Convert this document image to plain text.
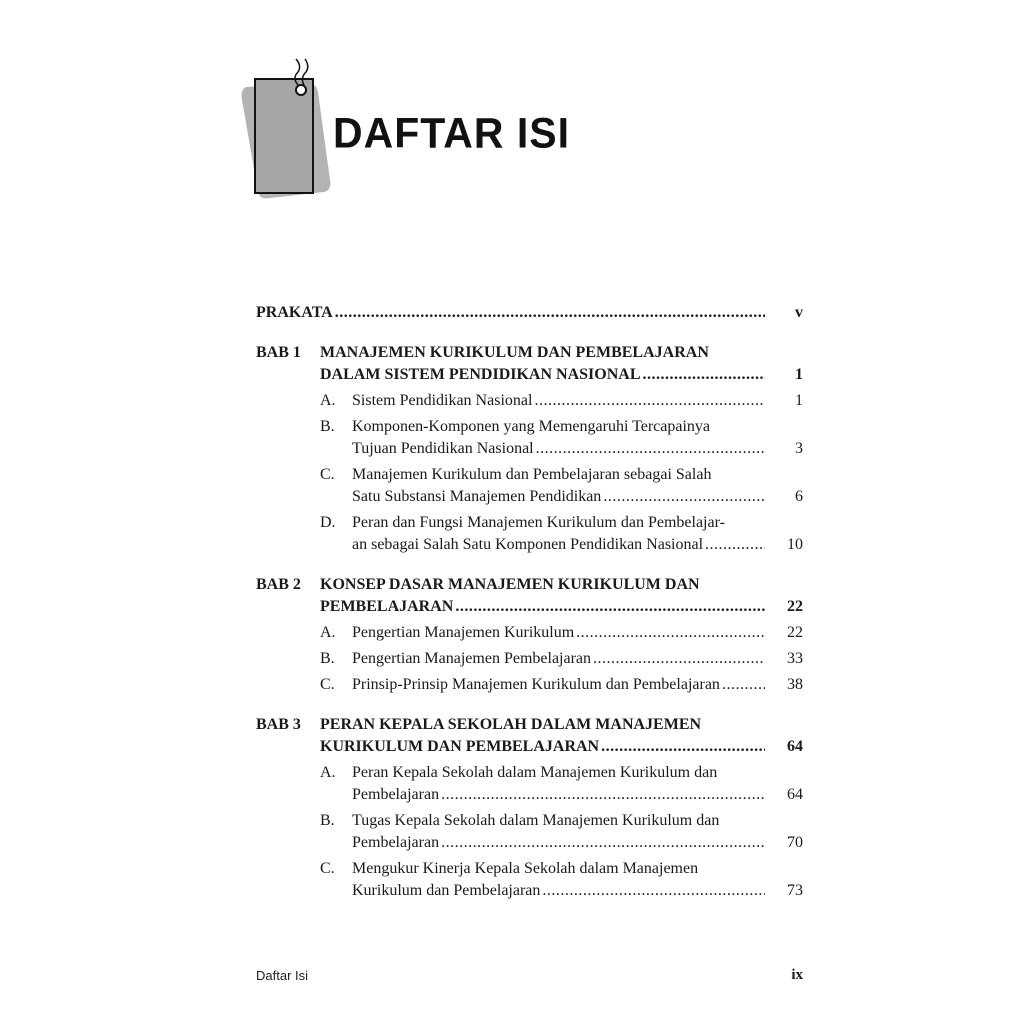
DAFTAR ISI
PRAKATA .....	v
BAB 1	MANAJEMEN KURIKULUM DAN PEMBELAJARAN
DALAM SISTEM PENDIDIKAN NASIONAL .....	1
A.	Sistem Pendidikan Nasional .....	1
B.	Komponen-Komponen yang Memengaruhi Tercapainya
Tujuan Pendidikan Nasional .....	3
C.	Manajemen Kurikulum dan Pembelajaran sebagai Salah
Satu Substansi Manajemen Pendidikan .....	6
D.	Peran dan Fungsi Manajemen Kurikulum dan Pembelajar-
an sebagai Salah Satu Komponen Pendidikan Nasional .....	10
BAB 2	KONSEP DASAR MANAJEMEN KURIKULUM DAN
PEMBELAJARAN .....	22
A.	Pengertian Manajemen Kurikulum .....	22
B.	Pengertian Manajemen Pembelajaran .....	33
C.	Prinsip-Prinsip Manajemen Kurikulum dan Pembelajaran .....	38
BAB 3	PERAN KEPALA SEKOLAH DALAM MANAJEMEN
KURIKULUM DAN PEMBELAJARAN .....	64
A.	Peran Kepala Sekolah dalam Manajemen Kurikulum dan
Pembelajaran .....	64
B.	Tugas Kepala Sekolah dalam Manajemen Kurikulum dan
Pembelajaran .....	70
C.	Mengukur Kinerja Kepala Sekolah dalam Manajemen
Kurikulum dan Pembelajaran .....	73
Daftar Isi	ix
